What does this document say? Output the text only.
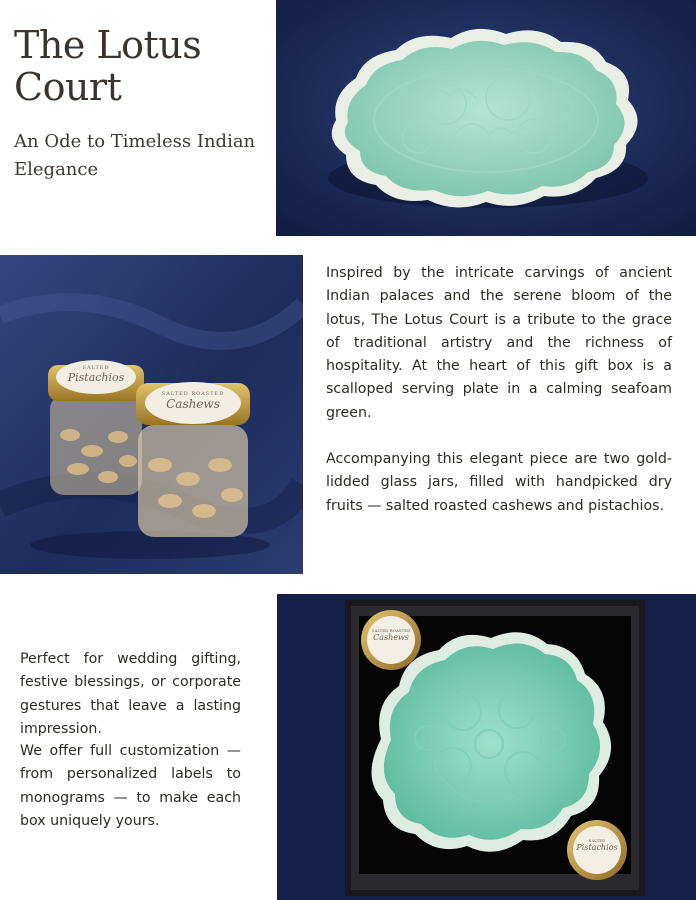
The Lotus Court
An Ode to Timeless Indian Elegance
SALTED
Pistachios
SALTED ROASTED
Cashews
SALTED ROASTED
Cashews
SALTED
Pistachios

Inspired by the intricate carvings of ancient Indian palaces and the serene bloom of the lotus, The Lotus Court is a tribute to the grace of traditional artistry and the richness of hospitality. At the heart of this gift box is a scalloped serving plate in a calming seafoam green.

Accompanying this elegant piece are two gold-lidded glass jars, filled with handpicked dry fruits — salted roasted cashews and pistachios.

Perfect for wedding gifting, festive blessings, or corporate gestures that leave a lasting impression.

We offer full customization — from personalized labels to monograms — to make each box uniquely yours.
